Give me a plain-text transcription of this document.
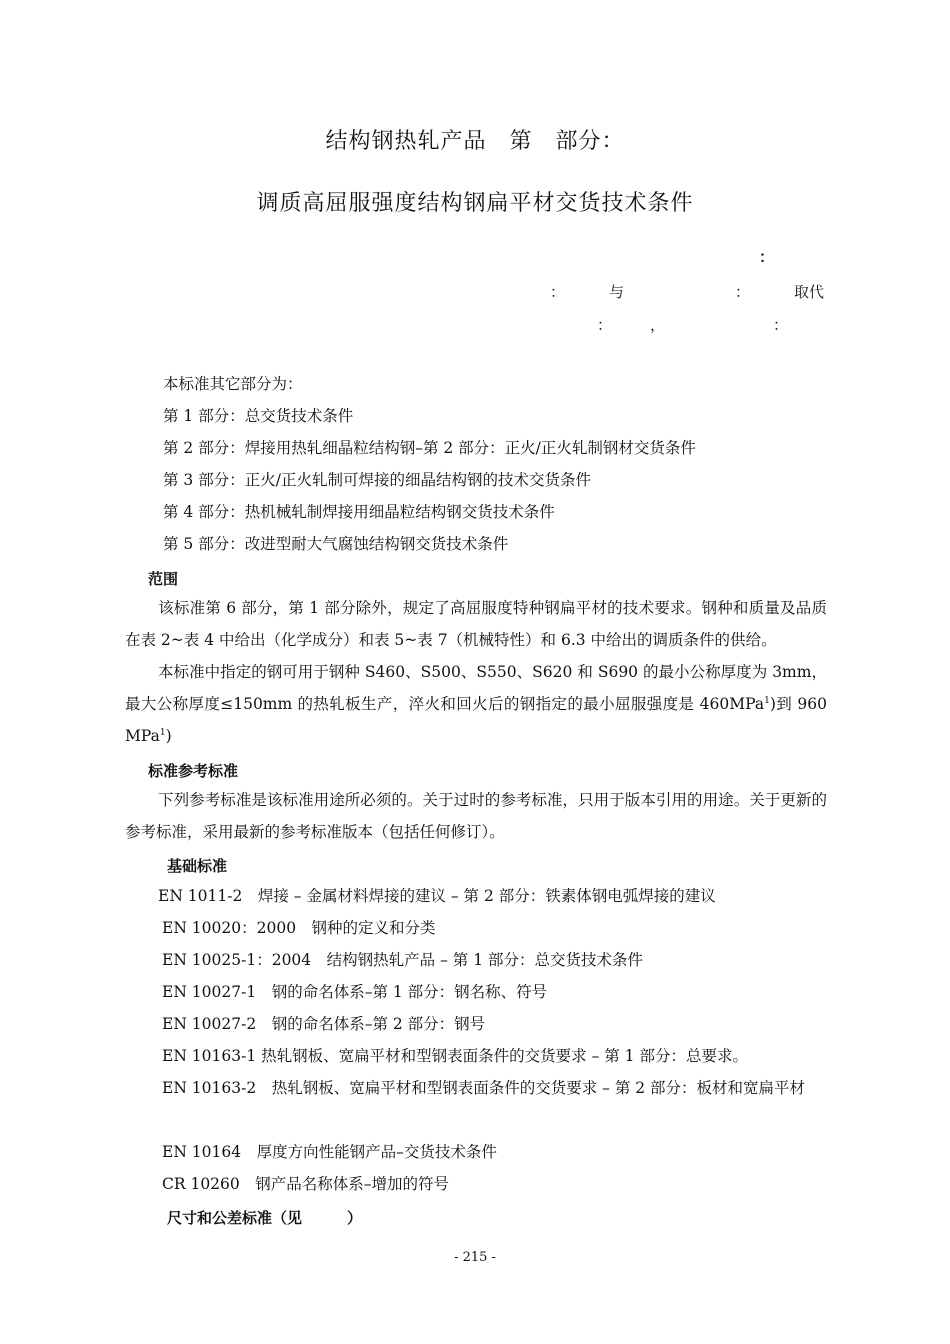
结构钢热轧产品　第　部分：
调质高屈服强度结构钢扁平材交货技术条件
：
：	与	：	取代
：	，	：
本标准其它部分为：
第 1 部分：总交货技术条件
第 2 部分：焊接用热轧细晶粒结构钢–第 2 部分：正火/正火轧制钢材交货条件
第 3 部分：正火/正火轧制可焊接的细晶结构钢的技术交货条件
第 4 部分：热机械轧制焊接用细晶粒结构钢交货技术条件
第 5 部分：改进型耐大气腐蚀结构钢交货技术条件
范围
该标准第 6 部分，第 1 部分除外，规定了高屈服度特种钢扁平材的技术要求。钢种和质量及品质在表 2~表 4 中给出（化学成分）和表 5~表 7（机械特性）和 6.3 中给出的调质条件的供给。
本标准中指定的钢可用于钢种 S460、S500、S550、S620 和 S690 的最小公称厚度为 3mm，最大公称厚度≤150mm 的热轧板生产，淬火和回火后的钢指定的最小屈服强度是 460MPa$^1$)到 960 MPa$^1$)
标准参考标准
下列参考标准是该标准用途所必须的。关于过时的参考标准，只用于版本引用的用途。关于更新的参考标准，采用最新的参考标准版本（包括任何修订）。
基础标准
EN 1011-2　焊接 – 金属材料焊接的建议 – 第 2 部分：铁素体钢电弧焊接的建议
EN 10020：2000　钢种的定义和分类
EN 10025-1：2004　结构钢热轧产品 – 第 1 部分：总交货技术条件
EN 10027-1　钢的命名体系–第 1 部分：钢名称、符号
EN 10027-2　钢的命名体系–第 2 部分：钢号
EN 10163-1 热轧钢板、宽扁平材和型钢表面条件的交货要求 – 第 1 部分：总要求。
EN 10163-2　热轧钢板、宽扁平材和型钢表面条件的交货要求 – 第 2 部分：板材和宽扁平材
EN 10164　厚度方向性能钢产品–交货技术条件
CR 10260　钢产品名称体系–增加的符号
尺寸和公差标准（见　　　）
- 215 -
